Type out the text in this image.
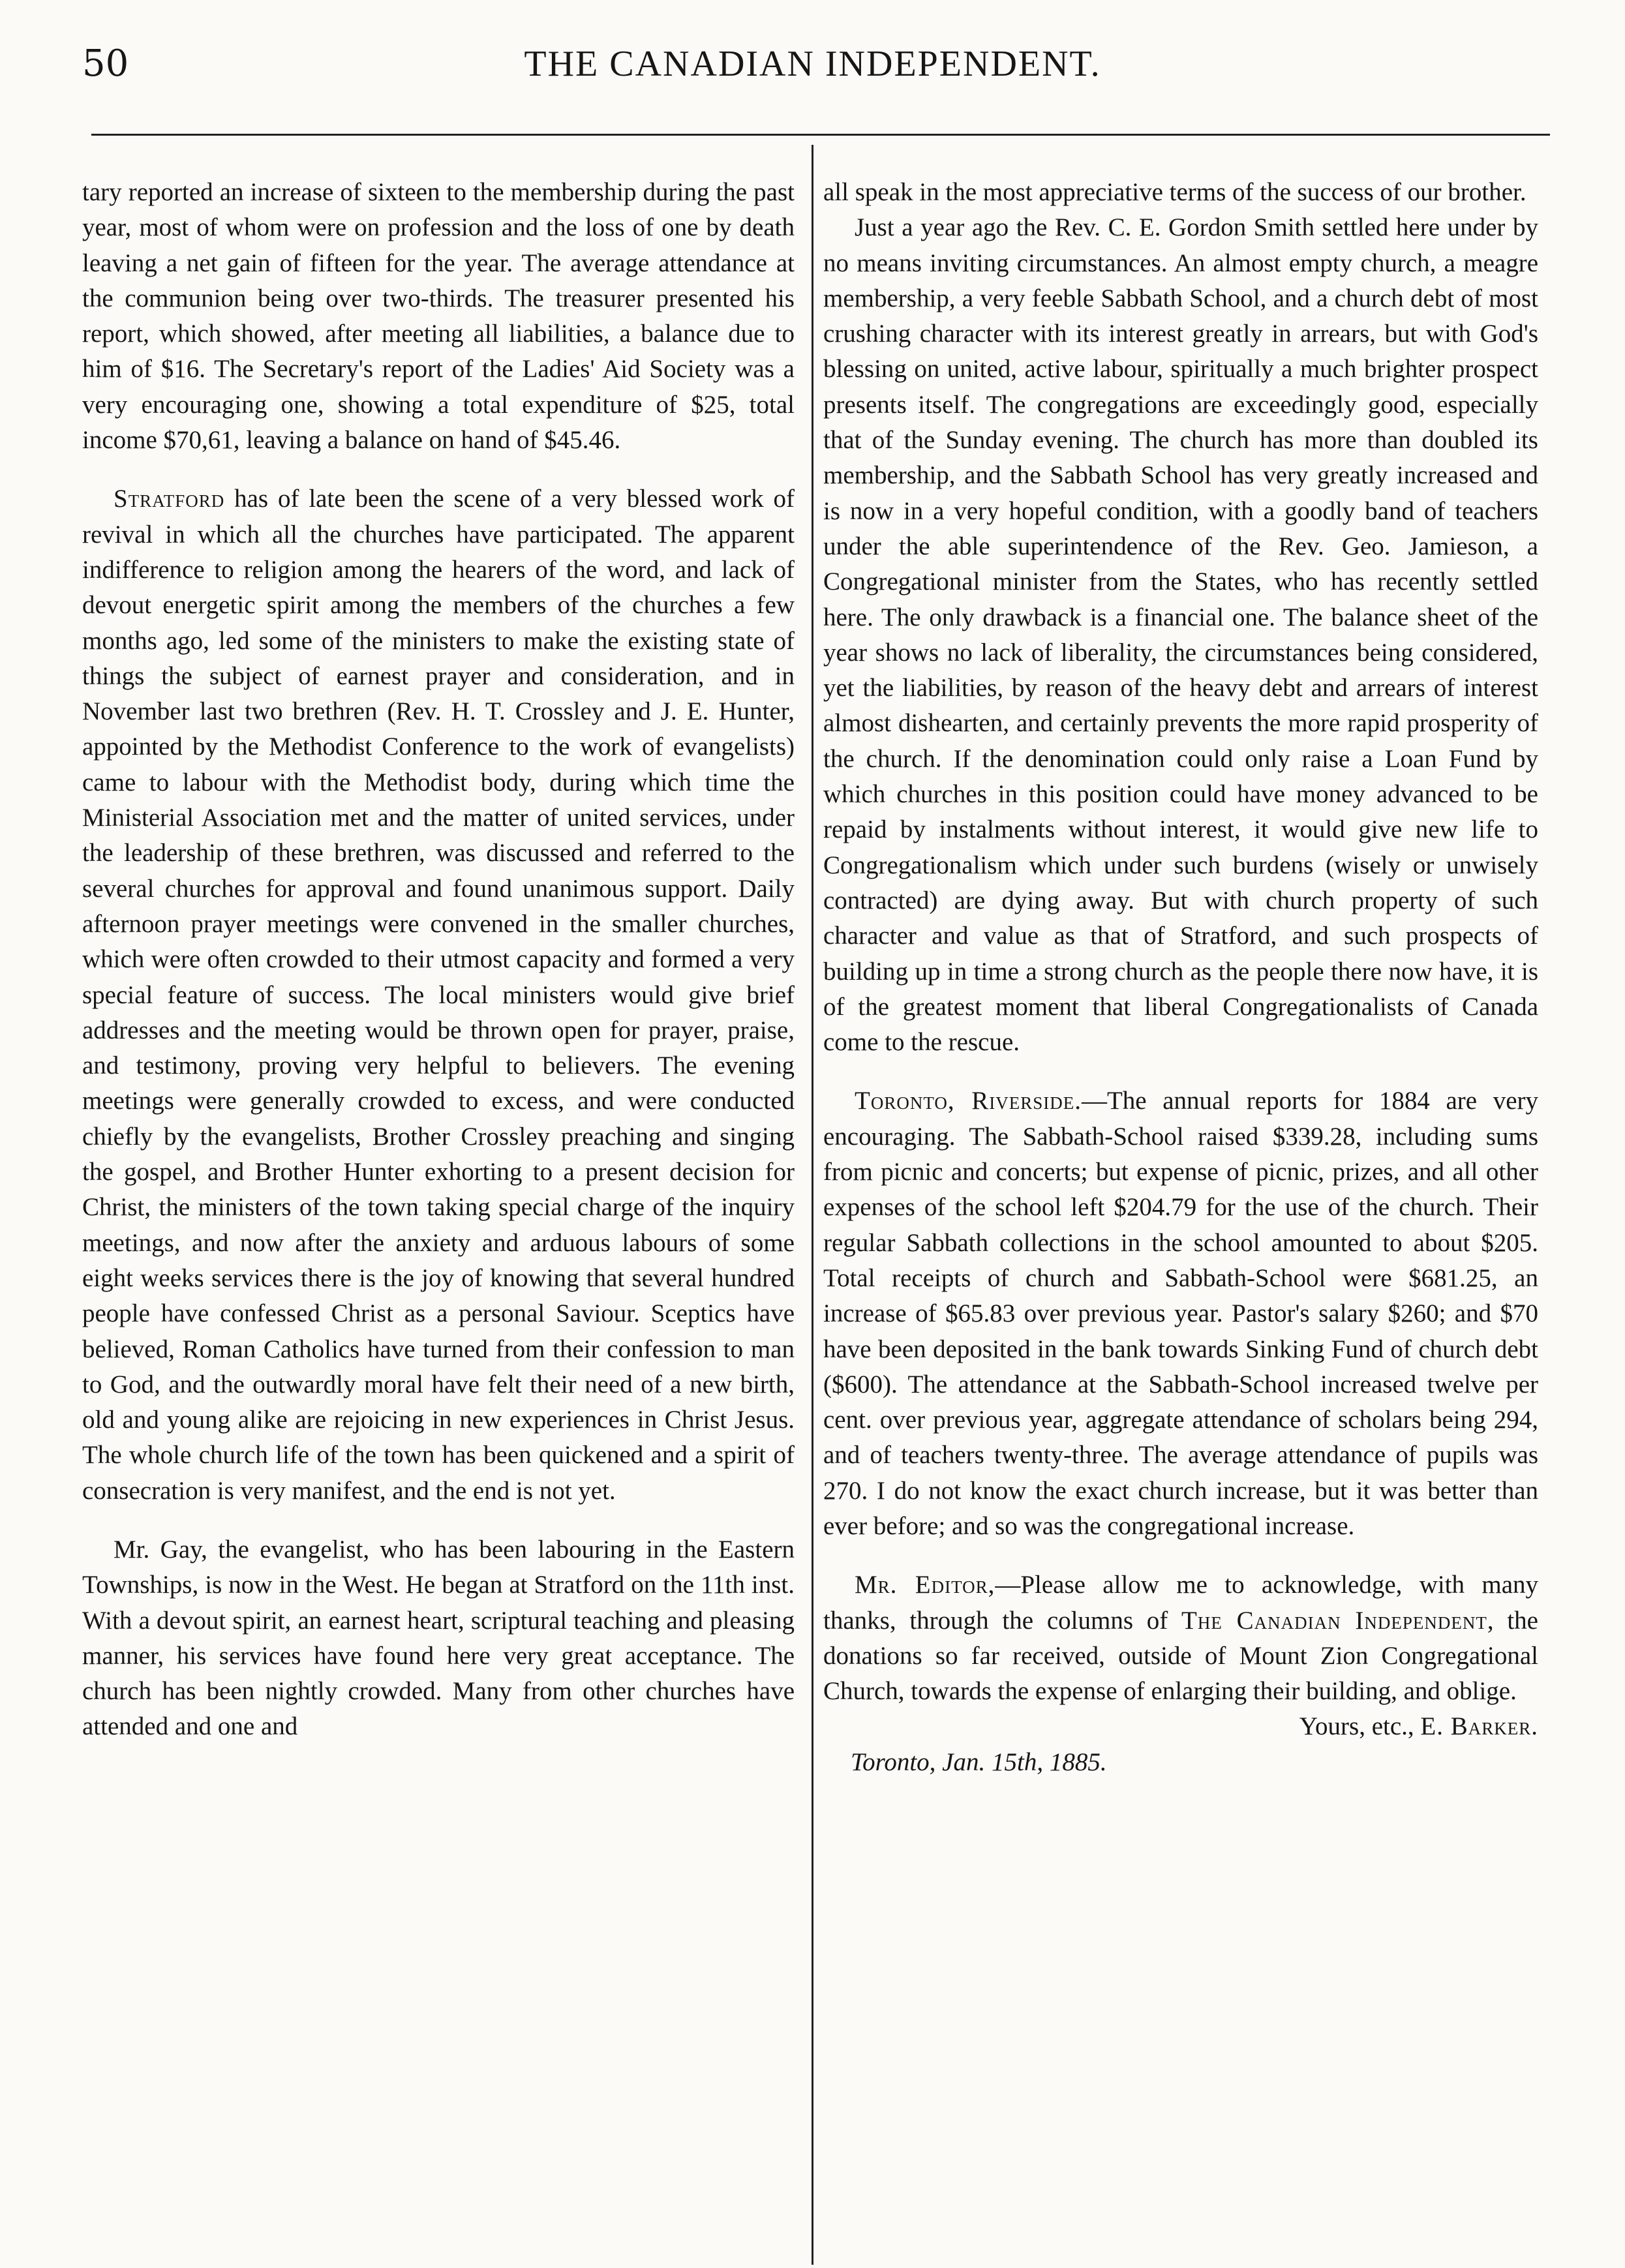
50	THE CANADIAN INDEPENDENT.

tary reported an increase of sixteen to the membership during the past year, most of whom were on profession and the loss of one by death leaving a net gain of fifteen for the year. The average attendance at the communion being over two-thirds. The treasurer presented his report, which showed, after meeting all liabilities, a balance due to him of $16. The Secretary's report of the Ladies' Aid Society was a very encouraging one, showing a total expenditure of $25, total income $70,61, leaving a balance on hand of $45.46.

Stratford has of late been the scene of a very blessed work of revival in which all the churches have participated. The apparent indifference to religion among the hearers of the word, and lack of devout energetic spirit among the members of the churches a few months ago, led some of the ministers to make the existing state of things the subject of earnest prayer and consideration, and in November last two brethren (Rev. H. T. Crossley and J. E. Hunter, appointed by the Methodist Conference to the work of evangelists) came to labour with the Methodist body, during which time the Ministerial Association met and the matter of united services, under the leadership of these brethren, was discussed and referred to the several churches for approval and found unanimous support. Daily afternoon prayer meetings were convened in the smaller churches, which were often crowded to their utmost capacity and formed a very special feature of success. The local ministers would give brief addresses and the meeting would be thrown open for prayer, praise, and testimony, proving very helpful to believers. The evening meetings were generally crowded to excess, and were conducted chiefly by the evangelists, Brother Crossley preaching and singing the gospel, and Brother Hunter exhorting to a present decision for Christ, the ministers of the town taking special charge of the inquiry meetings, and now after the anxiety and arduous labours of some eight weeks services there is the joy of knowing that several hundred people have confessed Christ as a personal Saviour. Sceptics have believed, Roman Catholics have turned from their confession to man to God, and the outwardly moral have felt their need of a new birth, old and young alike are rejoicing in new experiences in Christ Jesus. The whole church life of the town has been quickened and a spirit of consecration is very manifest, and the end is not yet.

Mr. Gay, the evangelist, who has been labouring in the Eastern Townships, is now in the West. He began at Stratford on the 11th inst. With a devout spirit, an earnest heart, scriptural teaching and pleasing manner, his services have found here very great acceptance. The church has been nightly crowded. Many from other churches have attended and one and

all speak in the most appreciative terms of the success of our brother.

Just a year ago the Rev. C. E. Gordon Smith settled here under by no means inviting circumstances. An almost empty church, a meagre membership, a very feeble Sabbath School, and a church debt of most crushing character with its interest greatly in arrears, but with God's blessing on united, active labour, spiritually a much brighter prospect presents itself. The congregations are exceedingly good, especially that of the Sunday evening. The church has more than doubled its membership, and the Sabbath School has very greatly increased and is now in a very hopeful condition, with a goodly band of teachers under the able superintendence of the Rev. Geo. Jamieson, a Congregational minister from the States, who has recently settled here. The only drawback is a financial one. The balance sheet of the year shows no lack of liberality, the circumstances being considered, yet the liabilities, by reason of the heavy debt and arrears of interest almost dishearten, and certainly prevents the more rapid prosperity of the church. If the denomination could only raise a Loan Fund by which churches in this position could have money advanced to be repaid by instalments without interest, it would give new life to Congregationalism which under such burdens (wisely or unwisely contracted) are dying away. But with church property of such character and value as that of Stratford, and such prospects of building up in time a strong church as the people there now have, it is of the greatest moment that liberal Congregationalists of Canada come to the rescue.

Toronto, Riverside.—The annual reports for 1884 are very encouraging. The Sabbath-School raised $339.28, including sums from picnic and concerts; but expense of picnic, prizes, and all other expenses of the school left $204.79 for the use of the church. Their regular Sabbath collections in the school amounted to about $205. Total receipts of church and Sabbath-School were $681.25, an increase of $65.83 over previous year. Pastor's salary $260; and $70 have been deposited in the bank towards Sinking Fund of church debt ($600). The attendance at the Sabbath-School increased twelve per cent. over previous year, aggregate attendance of scholars being 294, and of teachers twenty-three. The average attendance of pupils was 270. I do not know the exact church increase, but it was better than ever before; and so was the congregational increase.

Mr. Editor,—Please allow me to acknowledge, with many thanks, through the columns of The Canadian Independent, the donations so far received, outside of Mount Zion Congregational Church, towards the expense of enlarging their building, and oblige.

Yours, etc., E. Barker.

Toronto, Jan. 15th, 1885.
